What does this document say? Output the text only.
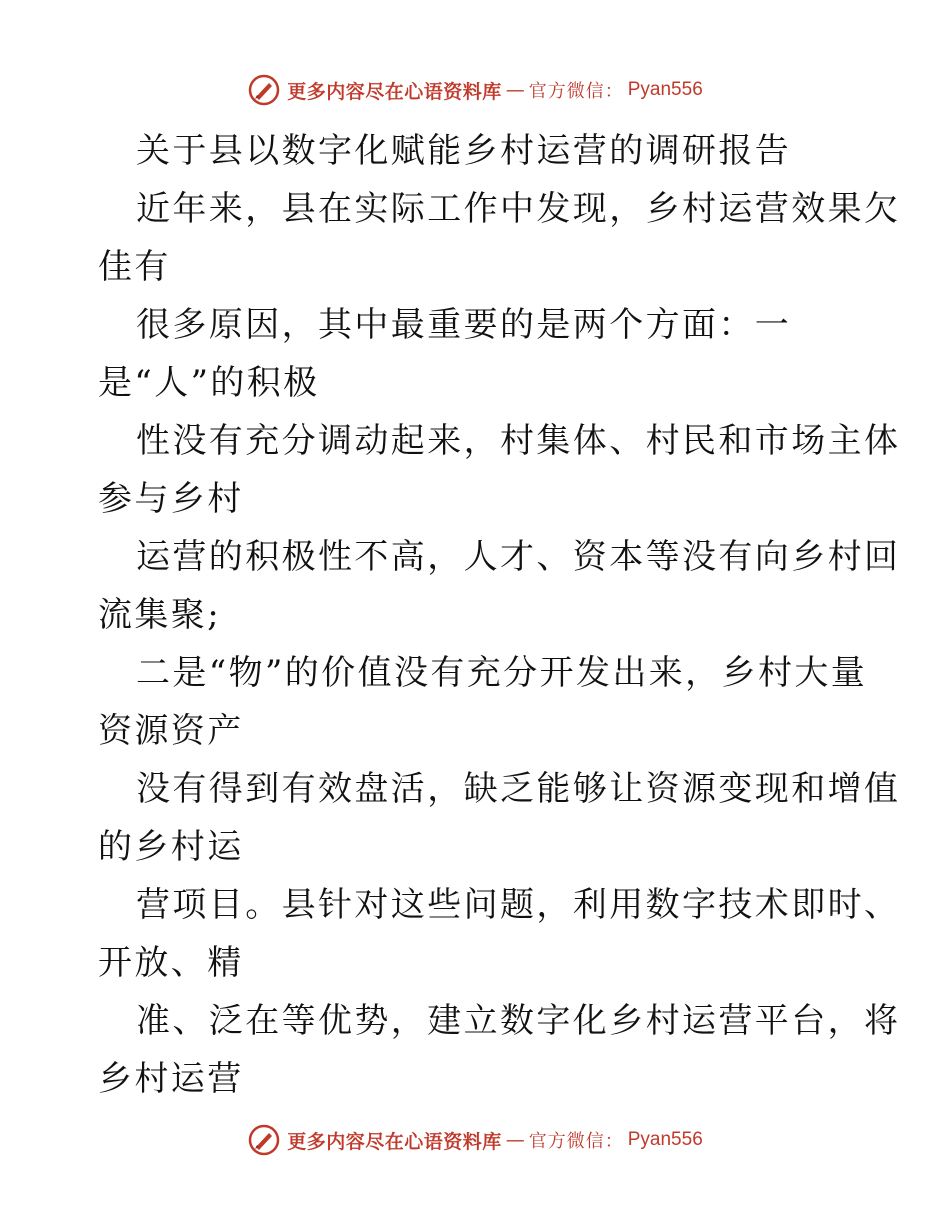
更多内容尽在心语资料库 — 官方微信： Pyan556
关于县以数字化赋能乡村运营的调研报告
近年来，县在实际工作中发现，乡村运营效果欠
佳有
很多原因，其中最重要的是两个方面：一
是“人”的积极
性没有充分调动起来，村集体、村民和市场主体
参与乡村
运营的积极性不高，人才、资本等没有向乡村回
流集聚;
二是“物”的价值没有充分开发出来，乡村大量
资源资产
没有得到有效盘活，缺乏能够让资源变现和增值
的乡村运
营项目。县针对这些问题，利用数字技术即时、
开放、精
准、泛在等优势，建立数字化乡村运营平台，将
乡村运营
更多内容尽在心语资料库 — 官方微信： Pyan556
